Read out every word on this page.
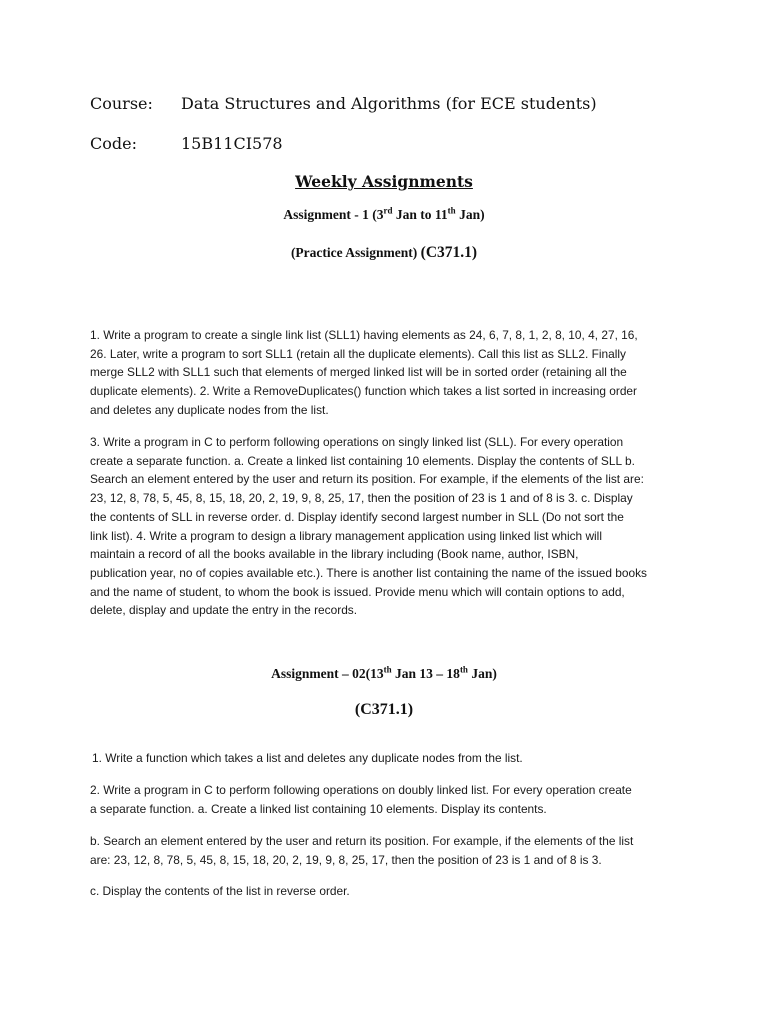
Course: Data Structures and Algorithms (for ECE students)
Code:	15B11CI578
Weekly Assignments
Assignment - 1 (3rd Jan to 11th Jan)
(Practice Assignment) (C371.1)
1. Write a program to create a single link list (SLL1) having elements as 24, 6, 7, 8, 1, 2, 8, 10, 4, 27, 16,
26. Later, write a program to sort SLL1 (retain all the duplicate elements). Call this list as SLL2. Finally
merge SLL2 with SLL1 such that elements of merged linked list will be in sorted order (retaining all the
duplicate elements). 2. Write a RemoveDuplicates() function which takes a list sorted in increasing order
and deletes any duplicate nodes from the list.
3. Write a program in C to perform following operations on singly linked list (SLL). For every operation
create a separate function. a. Create a linked list containing 10 elements. Display the contents of SLL b.
Search an element entered by the user and return its position. For example, if the elements of the list are:
23, 12, 8, 78, 5, 45, 8, 15, 18, 20, 2, 19, 9, 8, 25, 17, then the position of 23 is 1 and of 8 is 3. c. Display
the contents of SLL in reverse order. d. Display identify second largest number in SLL (Do not sort the
link list). 4. Write a program to design a library management application using linked list which will
maintain a record of all the books available in the library including (Book name, author, ISBN,
publication year, no of copies available etc.). There is another list containing the name of the issued books
and the name of student, to whom the book is issued. Provide menu which will contain options to add,
delete, display and update the entry in the records.
Assignment – 02(13th Jan 13 – 18th Jan)
(C371.1)
1. Write a function which takes a list and deletes any duplicate nodes from the list.
2. Write a program in C to perform following operations on doubly linked list. For every operation create
a separate function. a. Create a linked list containing 10 elements. Display its contents.
b. Search an element entered by the user and return its position. For example, if the elements of the list
are: 23, 12, 8, 78, 5, 45, 8, 15, 18, 20, 2, 19, 9, 8, 25, 17, then the position of 23 is 1 and of 8 is 3.
c. Display the contents of the list in reverse order.
